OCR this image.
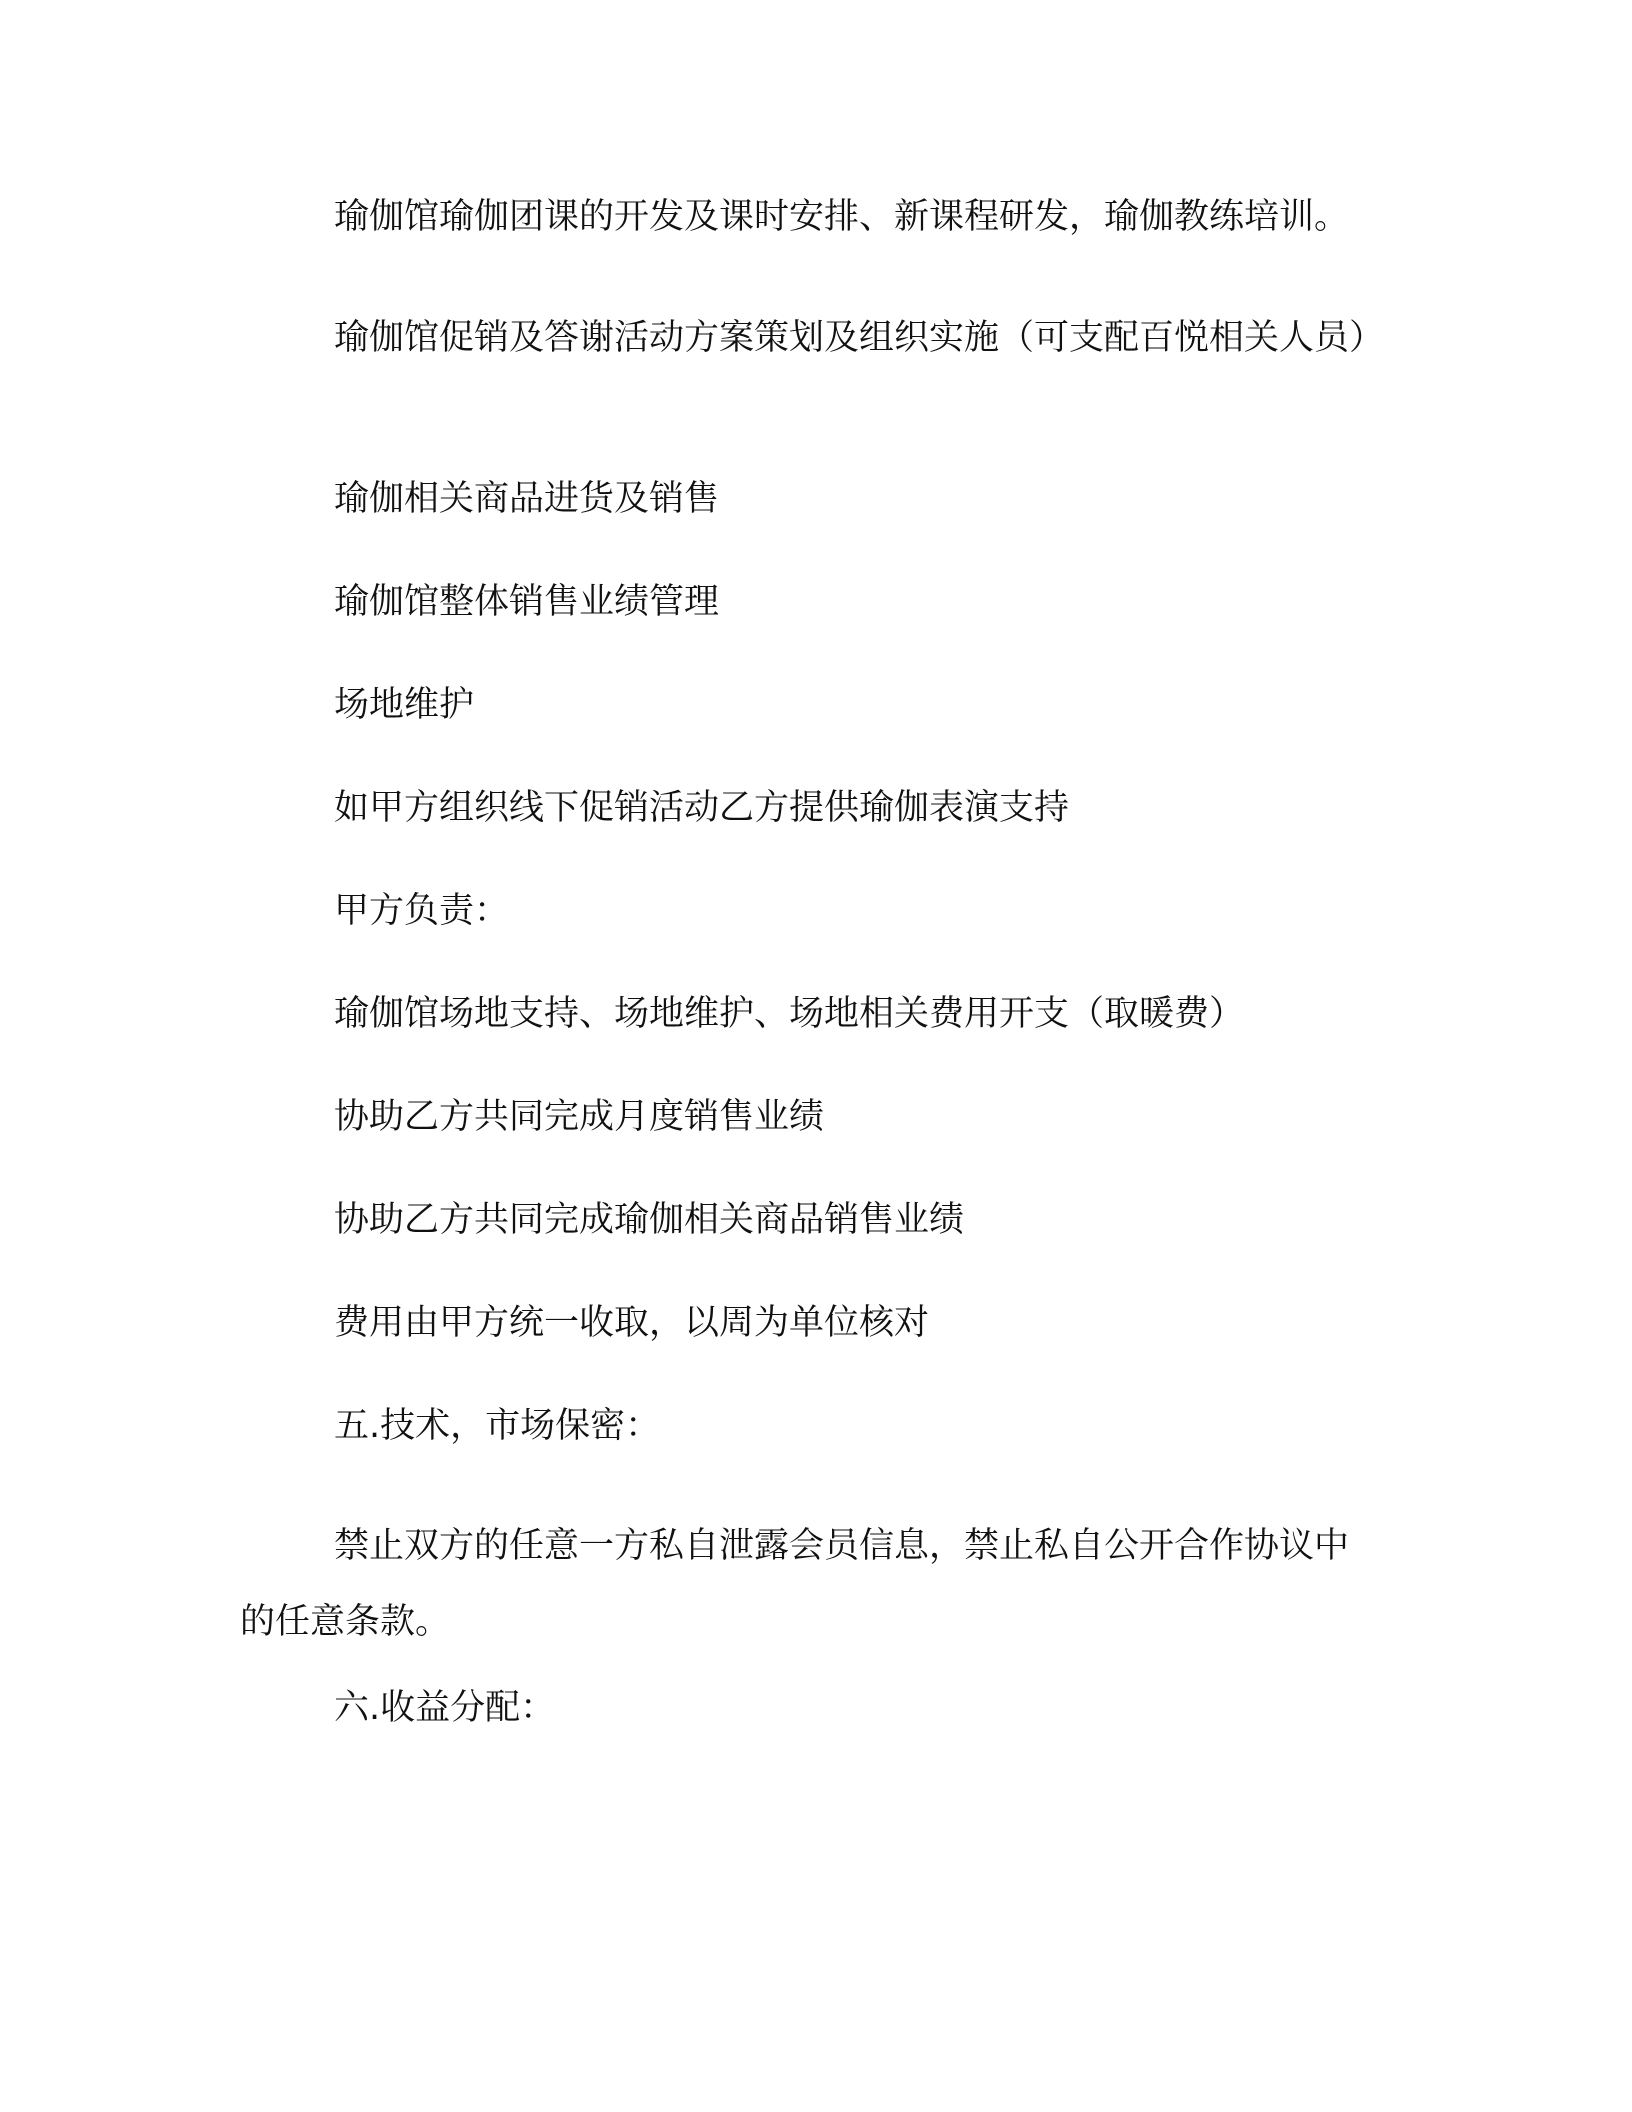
瑜伽馆瑜伽团课的开发及课时安排、新课程研发，瑜伽教练培训。
瑜伽馆促销及答谢活动方案策划及组织实施（可支配百悦相关人员）
瑜伽相关商品进货及销售
瑜伽馆整体销售业绩管理
场地维护
如甲方组织线下促销活动乙方提供瑜伽表演支持
甲方负责：
瑜伽馆场地支持、场地维护、场地相关费用开支（取暖费）
协助乙方共同完成月度销售业绩
协助乙方共同完成瑜伽相关商品销售业绩
费用由甲方统一收取，以周为单位核对
五.技术，市场保密：
禁止双方的任意一方私自泄露会员信息，禁止私自公开合作协议中的任意条款。
六.收益分配：
